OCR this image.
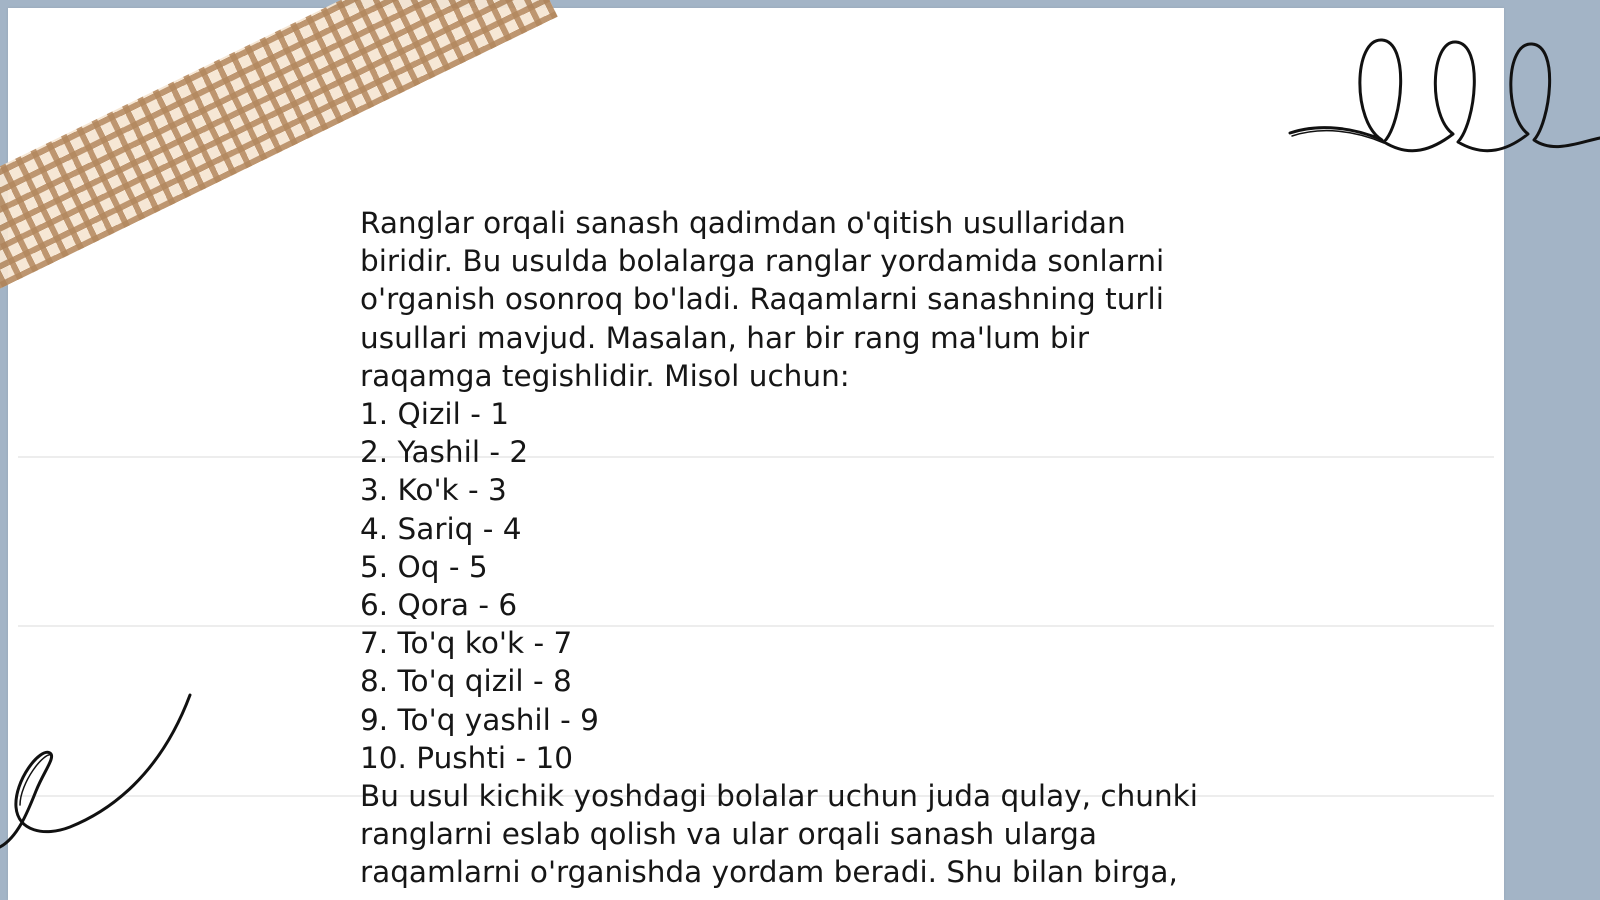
Ranglar orqali sanash qadimdan o'qitish usullaridan biridir. Bu usulda bolalarga ranglar yordamida sonlarni o'rganish osonroq bo'ladi. Raqamlarni sanashning turli usullari mavjud. Masalan, har bir rang ma'lum bir raqamga tegishlidir. Misol uchun:

1. Qizil - 1
2. Yashil - 2
3. Ko'k - 3
4. Sariq - 4
5. Oq - 5
6. Qora - 6
7. To'q ko'k - 7
8. To'q qizil - 8
9. To'q yashil - 9
10. Pushti - 10

Bu usul kichik yoshdagi bolalar uchun juda qulay, chunki ranglarni eslab qolish va ular orqali sanash ularga raqamlarni o'rganishda yordam beradi. Shu bilan birga,
